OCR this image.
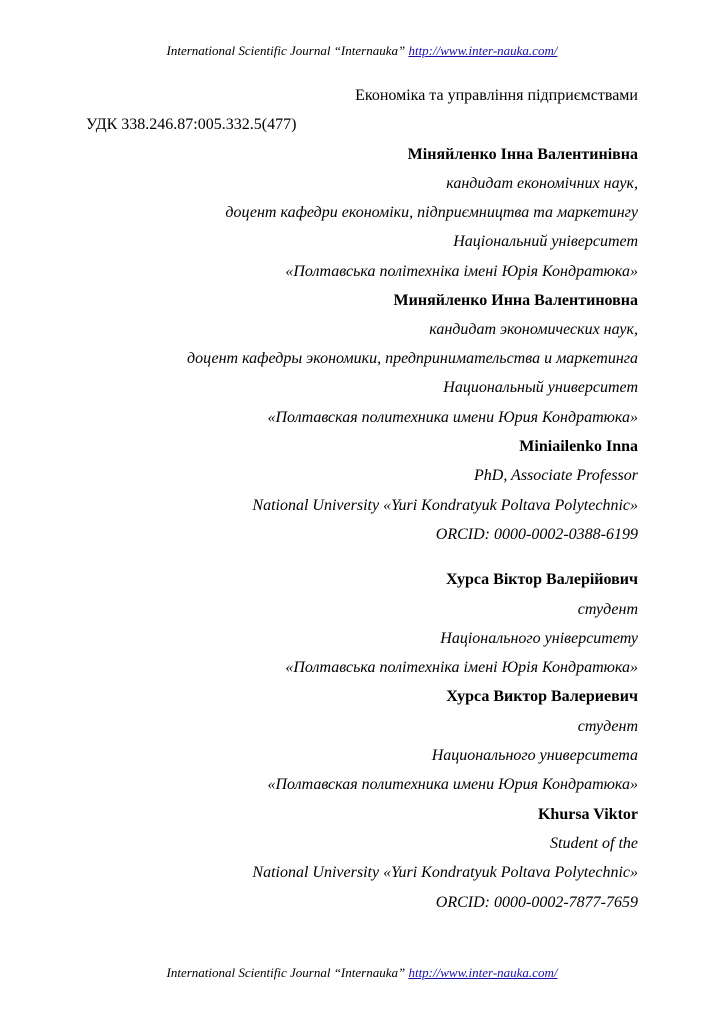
International Scientific Journal “Internauka” http://www.inter-nauka.com/
Економіка та управління підприємствами
УДК 338.246.87:005.332.5(477)
Міняйленко Інна Валентинівна
кандидат економічних наук,
доцент кафедри економіки, підприємництва та маркетингу
Національний університет
«Полтавська політехніка імені Юрія Кондратюка»
Миняйленко Инна Валентиновна
кандидат экономических наук,
доцент кафедры экономики, предпринимательства и маркетинга
Национальный университет
«Полтавская политехника имени Юрия Кондратюка»
Miniailenko Inna
PhD, Associate Professor
National University «Yuri Kondratyuk Poltava Polytechnic»
ORCID: 0000-0002-0388-6199
Хурса Віктор Валерійович
студент
Національного університету
«Полтавська політехніка імені Юрія Кондратюка»
Хурса Виктор Валериевич
студент
Национального университета
«Полтавская политехника имени Юрия Кондратюка»
Khursa Viktor
Student of the
National University «Yuri Kondratyuk Poltava Polytechnic»
ORCID: 0000-0002-7877-7659
International Scientific Journal “Internauka” http://www.inter-nauka.com/
